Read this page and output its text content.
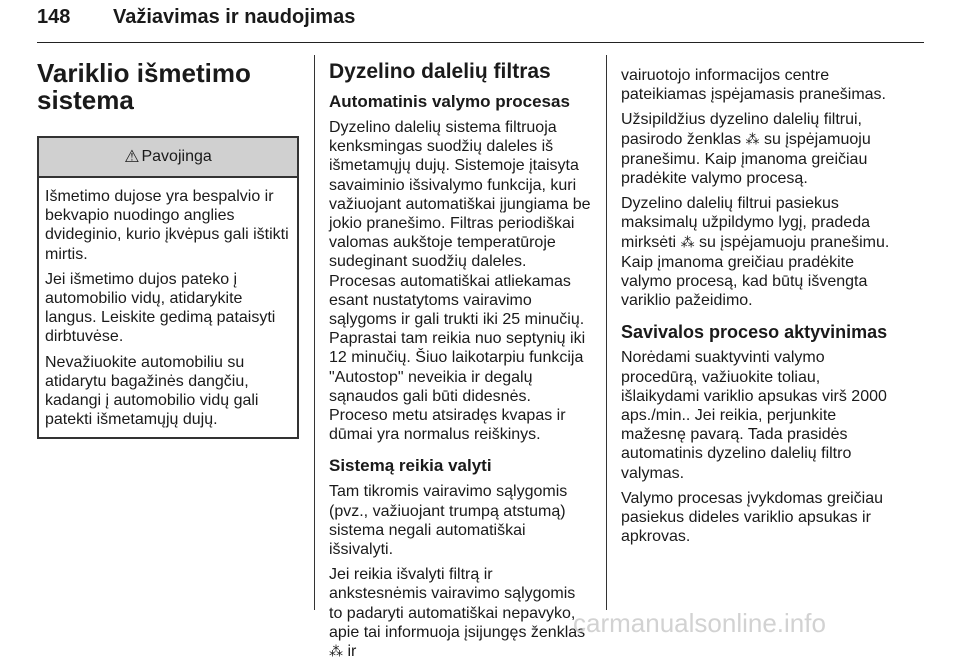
148 Važiavimas ir naudojimas
Variklio išmetimo sistema
⚠ Pavojinga

Išmetimo dujose yra bespalvio ir bekvapio nuodingo anglies dvideginio, kurio įkvėpus gali ištikti mirtis.

Jei išmetimo dujos pateko į automobilio vidų, atidarykite langus. Leiskite gedimą pataisyti dirbtuvėse.

Nevažiuokite automobiliu su atidarytu bagažinės dangčiu, kadangi į automobilio vidų gali patekti išmetamųjų dujų.

Dyzelino dalelių filtras
Automatinis valymo procesas

Dyzelino dalelių sistema filtruoja kenksmingas suodžių daleles iš išmetamųjų dujų. Sistemoje įtaisyta savaiminio išsivalymo funkcija, kuri važiuojant automatiškai įjungiama be jokio pranešimo. Filtras periodiškai valomas aukštoje temperatūroje sudeginant suodžių daleles. Procesas automatiškai atliekamas esant nustatytoms vairavimo sąlygoms ir gali trukti iki 25 minučių. Paprastai tam reikia nuo septynių iki 12 minučių. Šiuo laikotarpiu funkcija "Autostop" neveikia ir degalų sąnaudos gali būti didesnės. Proceso metu atsiradęs kvapas ir dūmai yra normalus reiškinys.

Sistemą reikia valyti

Tam tikromis vairavimo sąlygomis (pvz., važiuojant trumpą atstumą) sistema negali automatiškai išsivalyti.

Jei reikia išvalyti filtrą ir ankstesnėmis vairavimo sąlygomis to padaryti automatiškai nepavyko, apie tai informuoja įsijungęs ženklas ⁂ ir

vairuotojo informacijos centre pateikiamas įspėjamasis pranešimas.

Užsipildžius dyzelino dalelių filtrui, pasirodo ženklas ⁂ su įspėjamuoju pranešimu. Kaip įmanoma greičiau pradėkite valymo procesą.

Dyzelino dalelių filtrui pasiekus maksimalų užpildymo lygį, pradeda mirksėti ⁂ su įspėjamuoju pranešimu. Kaip įmanoma greičiau pradėkite valymo procesą, kad būtų išvengta variklio pažeidimo.

Savivalos proceso aktyvinimas

Norėdami suaktyvinti valymo procedūrą, važiuokite toliau, išlaikydami variklio apsukas virš 2000 aps./min.. Jei reikia, perjunkite mažesnę pavarą. Tada prasidės automatinis dyzelino dalelių filtro valymas.

Valymo procesas įvykdomas greičiau pasiekus dideles variklio apsukas ir apkrovas.

carmanualsonline.info
